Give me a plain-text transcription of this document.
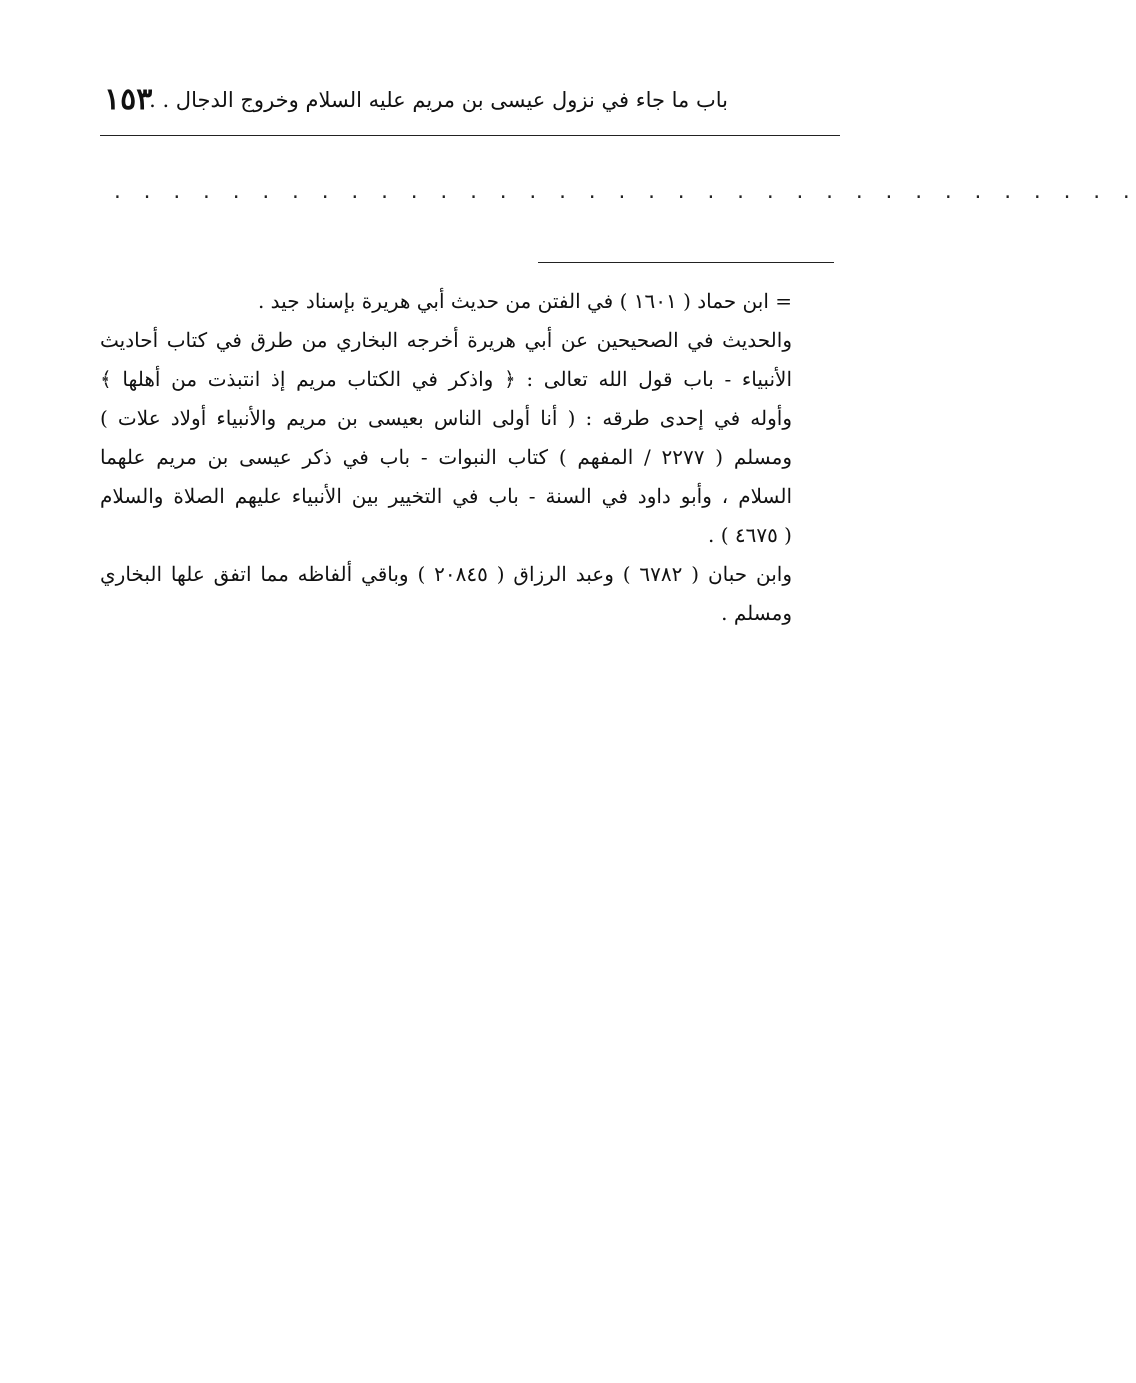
١٥٣
باب ما جاء في نزول عيسى بن مريم عليه السلام وخروج الدجال . .
. . . . . . . . . . . . . . . . . . . . . . . . . . . . . . . . . . .
= ابن حماد ( ١٦٠١ ) في الفتن من حديث أبي هريرة بإسناد جيد .
والحديث في الصحيحين عن أبي هريرة أخرجه البخاري من طرق في كتاب أحاديث
الأنبياء - باب قول الله تعالى : ﴿ واذكر في الكتاب مريم إذ انتبذت من أهلها ﴾
وأوله في إحدى طرقه : ( أنا أولى الناس بعيسى بن مريم والأنبياء أولاد علات )
ومسلم ( ٢٢٧٧ / المفهم ) كتاب النبوات - باب في ذكر عيسى بن مريم علهما
السلام ، وأبو داود في السنة - باب في التخيير بين الأنبياء عليهم الصلاة والسلام
( ٤٦٧٥ ) .
وابن حبان ( ٦٧٨٢ ) وعبد الرزاق ( ٢٠٨٤٥ ) وباقي ألفاظه مما اتفق علها البخاري
ومسلم .
